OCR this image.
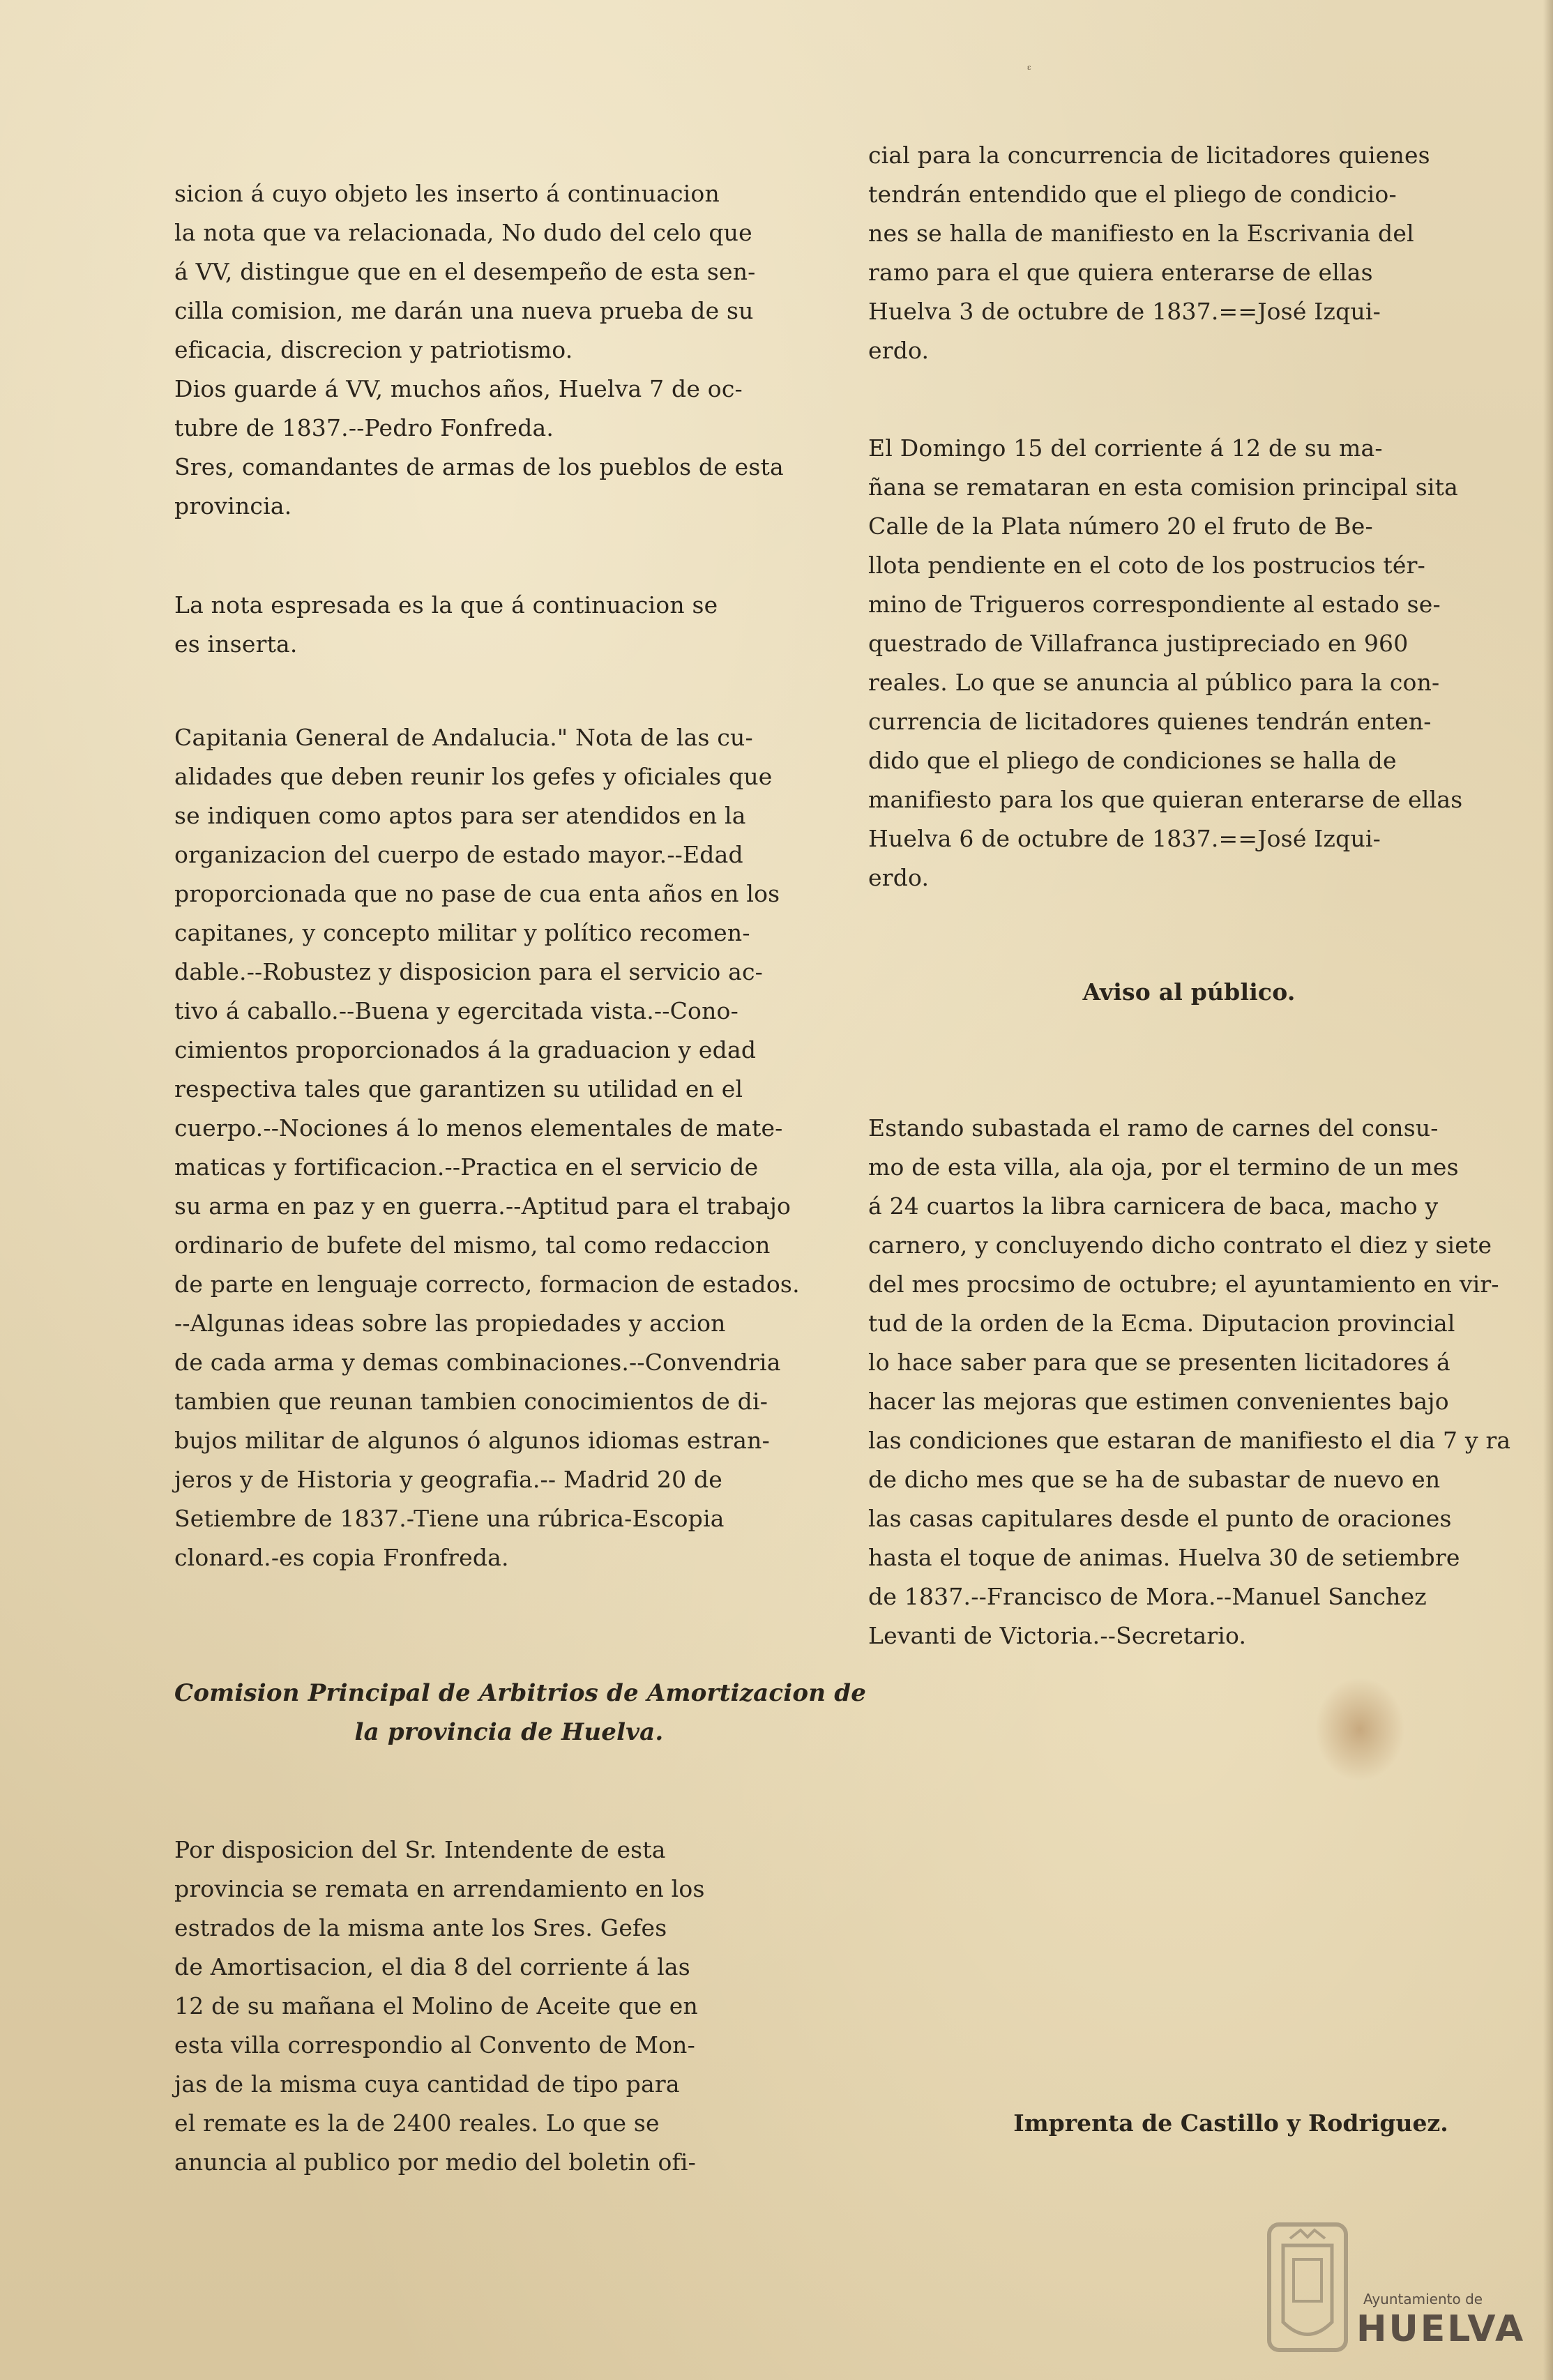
ᵋ
sicion á cuyo objeto les inserto á continuacion
la nota que va relacionada, No dudo del celo que
á VV, distingue que en el desempeño de esta sen-
cilla comision, me darán una nueva prueba de su
eficacia, discrecion y patriotismo.
Dios guarde á VV, muchos años, Huelva 7 de oc-
tubre de 1837.--Pedro Fonfreda.
Sres, comandantes de armas de los pueblos de esta
provincia.
La nota espresada es la que á continuacion se
es inserta.
Capitania General de Andalucia." Nota de las cu-
alidades que deben reunir los gefes y oficiales que
se indiquen como aptos para ser atendidos en la
organizacion del cuerpo de estado mayor.--Edad
proporcionada que no pase de cua enta años en los
capitanes, y concepto militar y político recomen-
dable.--Robustez y disposicion para el servicio ac-
tivo á caballo.--Buena y egercitada vista.--Cono-
cimientos proporcionados á la graduacion y edad
respectiva tales que garantizen su utilidad en el
cuerpo.--Nociones á lo menos elementales de mate-
maticas y fortificacion.--Practica en el servicio de
su arma en paz y en guerra.--Aptitud para el trabajo
ordinario de bufete del mismo, tal como redaccion
de parte en lenguaje correcto, formacion de estados.
--Algunas ideas sobre las propiedades y accion
de cada arma y demas combinaciones.--Convendria
tambien que reunan tambien conocimientos de di-
bujos militar de algunos ó algunos idiomas estran-
jeros y de Historia y geografia.-- Madrid 20 de
Setiembre de 1837.-Tiene una rúbrica-Escopia
clonard.-es copia Fronfreda.
Comision Principal de Arbitrios de Amortizacion de
la provincia de Huelva.
Por disposicion del Sr. Intendente de esta
provincia se remata en arrendamiento en los
estrados de la misma ante los Sres. Gefes
de Amortisacion, el dia 8 del corriente á las
12 de su mañana el Molino de Aceite que en
esta villa correspondio al Convento de Mon-
jas de la misma cuya cantidad de tipo para
el remate es la de 2400 reales. Lo que se
anuncia al publico por medio del boletin ofi-
cial para la concurrencia de licitadores quienes
tendrán entendido que el pliego de condicio-
nes se halla de manifiesto en la Escrivania del
ramo para el que quiera enterarse de ellas
Huelva 3 de octubre de 1837.==José Izqui-
erdo.
El Domingo 15 del corriente á 12 de su ma-
ñana se remataran en esta comision principal sita
Calle de la Plata número 20 el fruto de Be-
llota pendiente en el coto de los postrucios tér-
mino de Trigueros correspondiente al estado se-
questrado de Villafranca justipreciado en 960
reales. Lo que se anuncia al público para la con-
currencia de licitadores quienes tendrán enten-
dido que el pliego de condiciones se halla de
manifiesto para los que quieran enterarse de ellas
Huelva 6 de octubre de 1837.==José Izqui-
erdo.
Aviso al público.
Estando subastada el ramo de carnes del consu-
mo de esta villa, ala oja, por el termino de un mes
á 24 cuartos la libra carnicera de baca, macho y
carnero, y concluyendo dicho contrato el diez y siete
del mes procsimo de octubre; el ayuntamiento en vir-
tud de la orden de la Ecma. Diputacion provincial
lo hace saber para que se presenten licitadores á
hacer las mejoras que estimen convenientes bajo
las condiciones que estaran de manifiesto el dia 7 y ra
de dicho mes que se ha de subastar de nuevo en
las casas capitulares desde el punto de oraciones
hasta el toque de animas. Huelva 30 de setiembre
de 1837.--Francisco de Mora.--Manuel Sanchez
Levanti de Victoria.--Secretario.
Imprenta de Castillo y Rodriguez.
Ayuntamiento de
HUELVA
